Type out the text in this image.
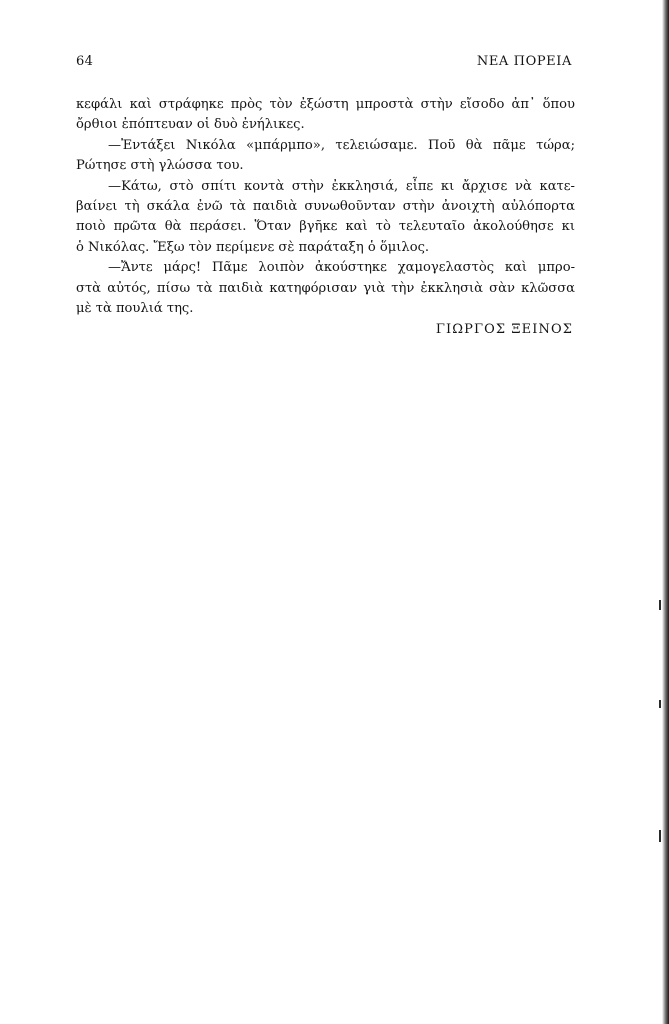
64	ΝΕΑ ΠΟΡΕΙΑ
κεφάλι καὶ στράφηκε πρὸς τὸν ἐξώστη μπροστὰ στὴν εἴσοδο ἀπ᾽ ὅπου
ὄρθιοι ἐπόπτευαν οἱ δυὸ ἐνήλικες.
—Ἐντάξει Νικόλα «μπάρμπο», τελειώσαμε. Ποῦ θὰ πᾶμε τώρα;
Ρώτησε στὴ γλώσσα του.
—Κάτω, στὸ σπίτι κοντὰ στὴν ἐκκλησιά, εἶπε κι ἄρχισε νὰ κατε-
βαίνει τὴ σκάλα ἐνῶ τὰ παιδιὰ συνωθοῦνταν στὴν ἀνοιχτὴ αὐλόπορτα
ποιὸ πρῶτα θὰ περάσει. Ὅταν βγῆκε καὶ τὸ τελευταῖο ἀκολούθησε κι
ὁ Νικόλας. Ἔξω τὸν περίμενε σὲ παράταξη ὁ ὅμιλος.
—Ἄντε μάρς! Πᾶμε λοιπὸν ἀκούστηκε χαμογελαστὸς καὶ μπρο-
στὰ αὐτός, πίσω τὰ παιδιὰ κατηφόρισαν γιὰ τὴν ἐκκλησιὰ σὰν κλῶσσα
μὲ τὰ πουλιά της.
ΓΙΩΡΓΟΣ ΞΕΙΝΟΣ
